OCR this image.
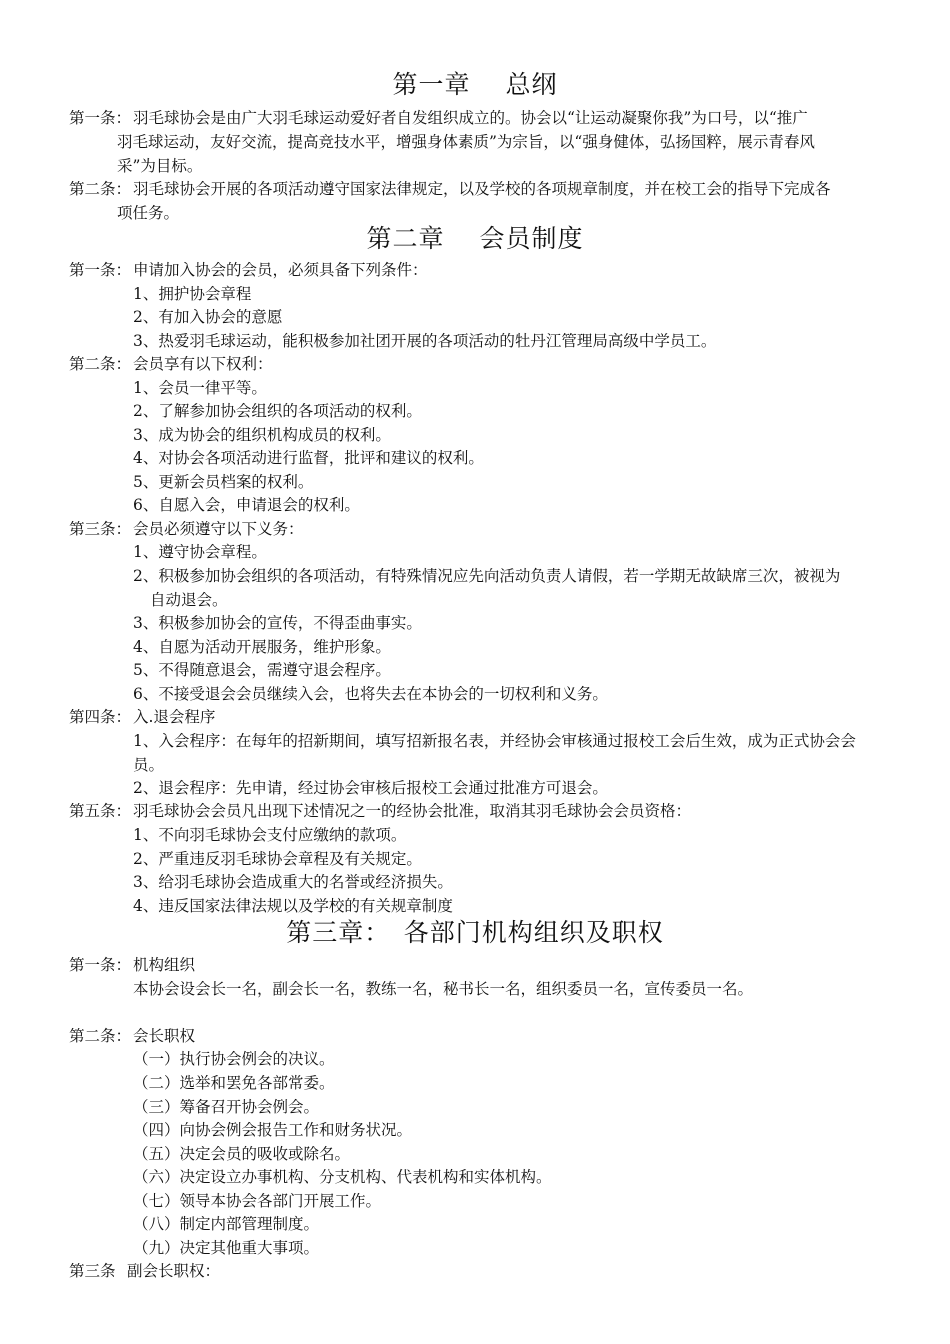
第一章　 总纲
第一条： 羽毛球协会是由广大羽毛球运动爱好者自发组织成立的。协会以“让运动凝聚你我”为口号，以“推广
羽毛球运动，友好交流，提高竞技水平，增强身体素质”为宗旨，以“强身健体，弘扬国粹，展示青春风
采”为目标。
第二条： 羽毛球协会开展的各项活动遵守国家法律规定，以及学校的各项规章制度，并在校工会的指导下完成各
项任务。
第二章　 会员制度
第一条： 申请加入协会的会员，必须具备下列条件：
1、拥护协会章程
2、有加入协会的意愿
3、热爱羽毛球运动，能积极参加社团开展的各项活动的牡丹江管理局高级中学员工。
第二条： 会员享有以下权利：
1、会员一律平等。
2、了解参加协会组织的各项活动的权利。
3、成为协会的组织机构成员的权利。
4、对协会各项活动进行监督，批评和建议的权利。
5、更新会员档案的权利。
6、自愿入会，申请退会的权利。
第三条： 会员必须遵守以下义务：
1、遵守协会章程。
2、积极参加协会组织的各项活动，有特殊情况应先向活动负责人请假，若一学期无故缺席三次，被视为
自动退会。
3、积极参加协会的宣传，不得歪曲事实。
4、自愿为活动开展服务，维护形象。
5、不得随意退会，需遵守退会程序。
6、不接受退会会员继续入会，也将失去在本协会的一切权利和义务。
第四条： 入.退会程序
1、入会程序：在每年的招新期间，填写招新报名表，并经协会审核通过报校工会后生效，成为正式协会会
员。
2、退会程序：先申请，经过协会审核后报校工会通过批准方可退会。
第五条： 羽毛球协会会员凡出现下述情况之一的经协会批准，取消其羽毛球协会会员资格：
1、不向羽毛球协会支付应缴纳的款项。
2、严重违反羽毛球协会章程及有关规定。
3、给羽毛球协会造成重大的名誉或经济损失。
4、违反国家法律法规以及学校的有关规章制度
第三章：　各部门机构组织及职权
第一条： 机构组织
本协会设会长一名，副会长一名，教练一名，秘书长一名，组织委员一名，宣传委员一名。
第二条： 会长职权
（一）执行协会例会的决议。
（二）选举和罢免各部常委。
（三）筹备召开协会例会。
（四）向协会例会报告工作和财务状况。
（五）决定会员的吸收或除名。
（六）决定设立办事机构、分支机构、代表机构和实体机构。
（七）领导本协会各部门开展工作。
（八）制定内部管理制度。
（九）决定其他重大事项。
第三条 副会长职权：
